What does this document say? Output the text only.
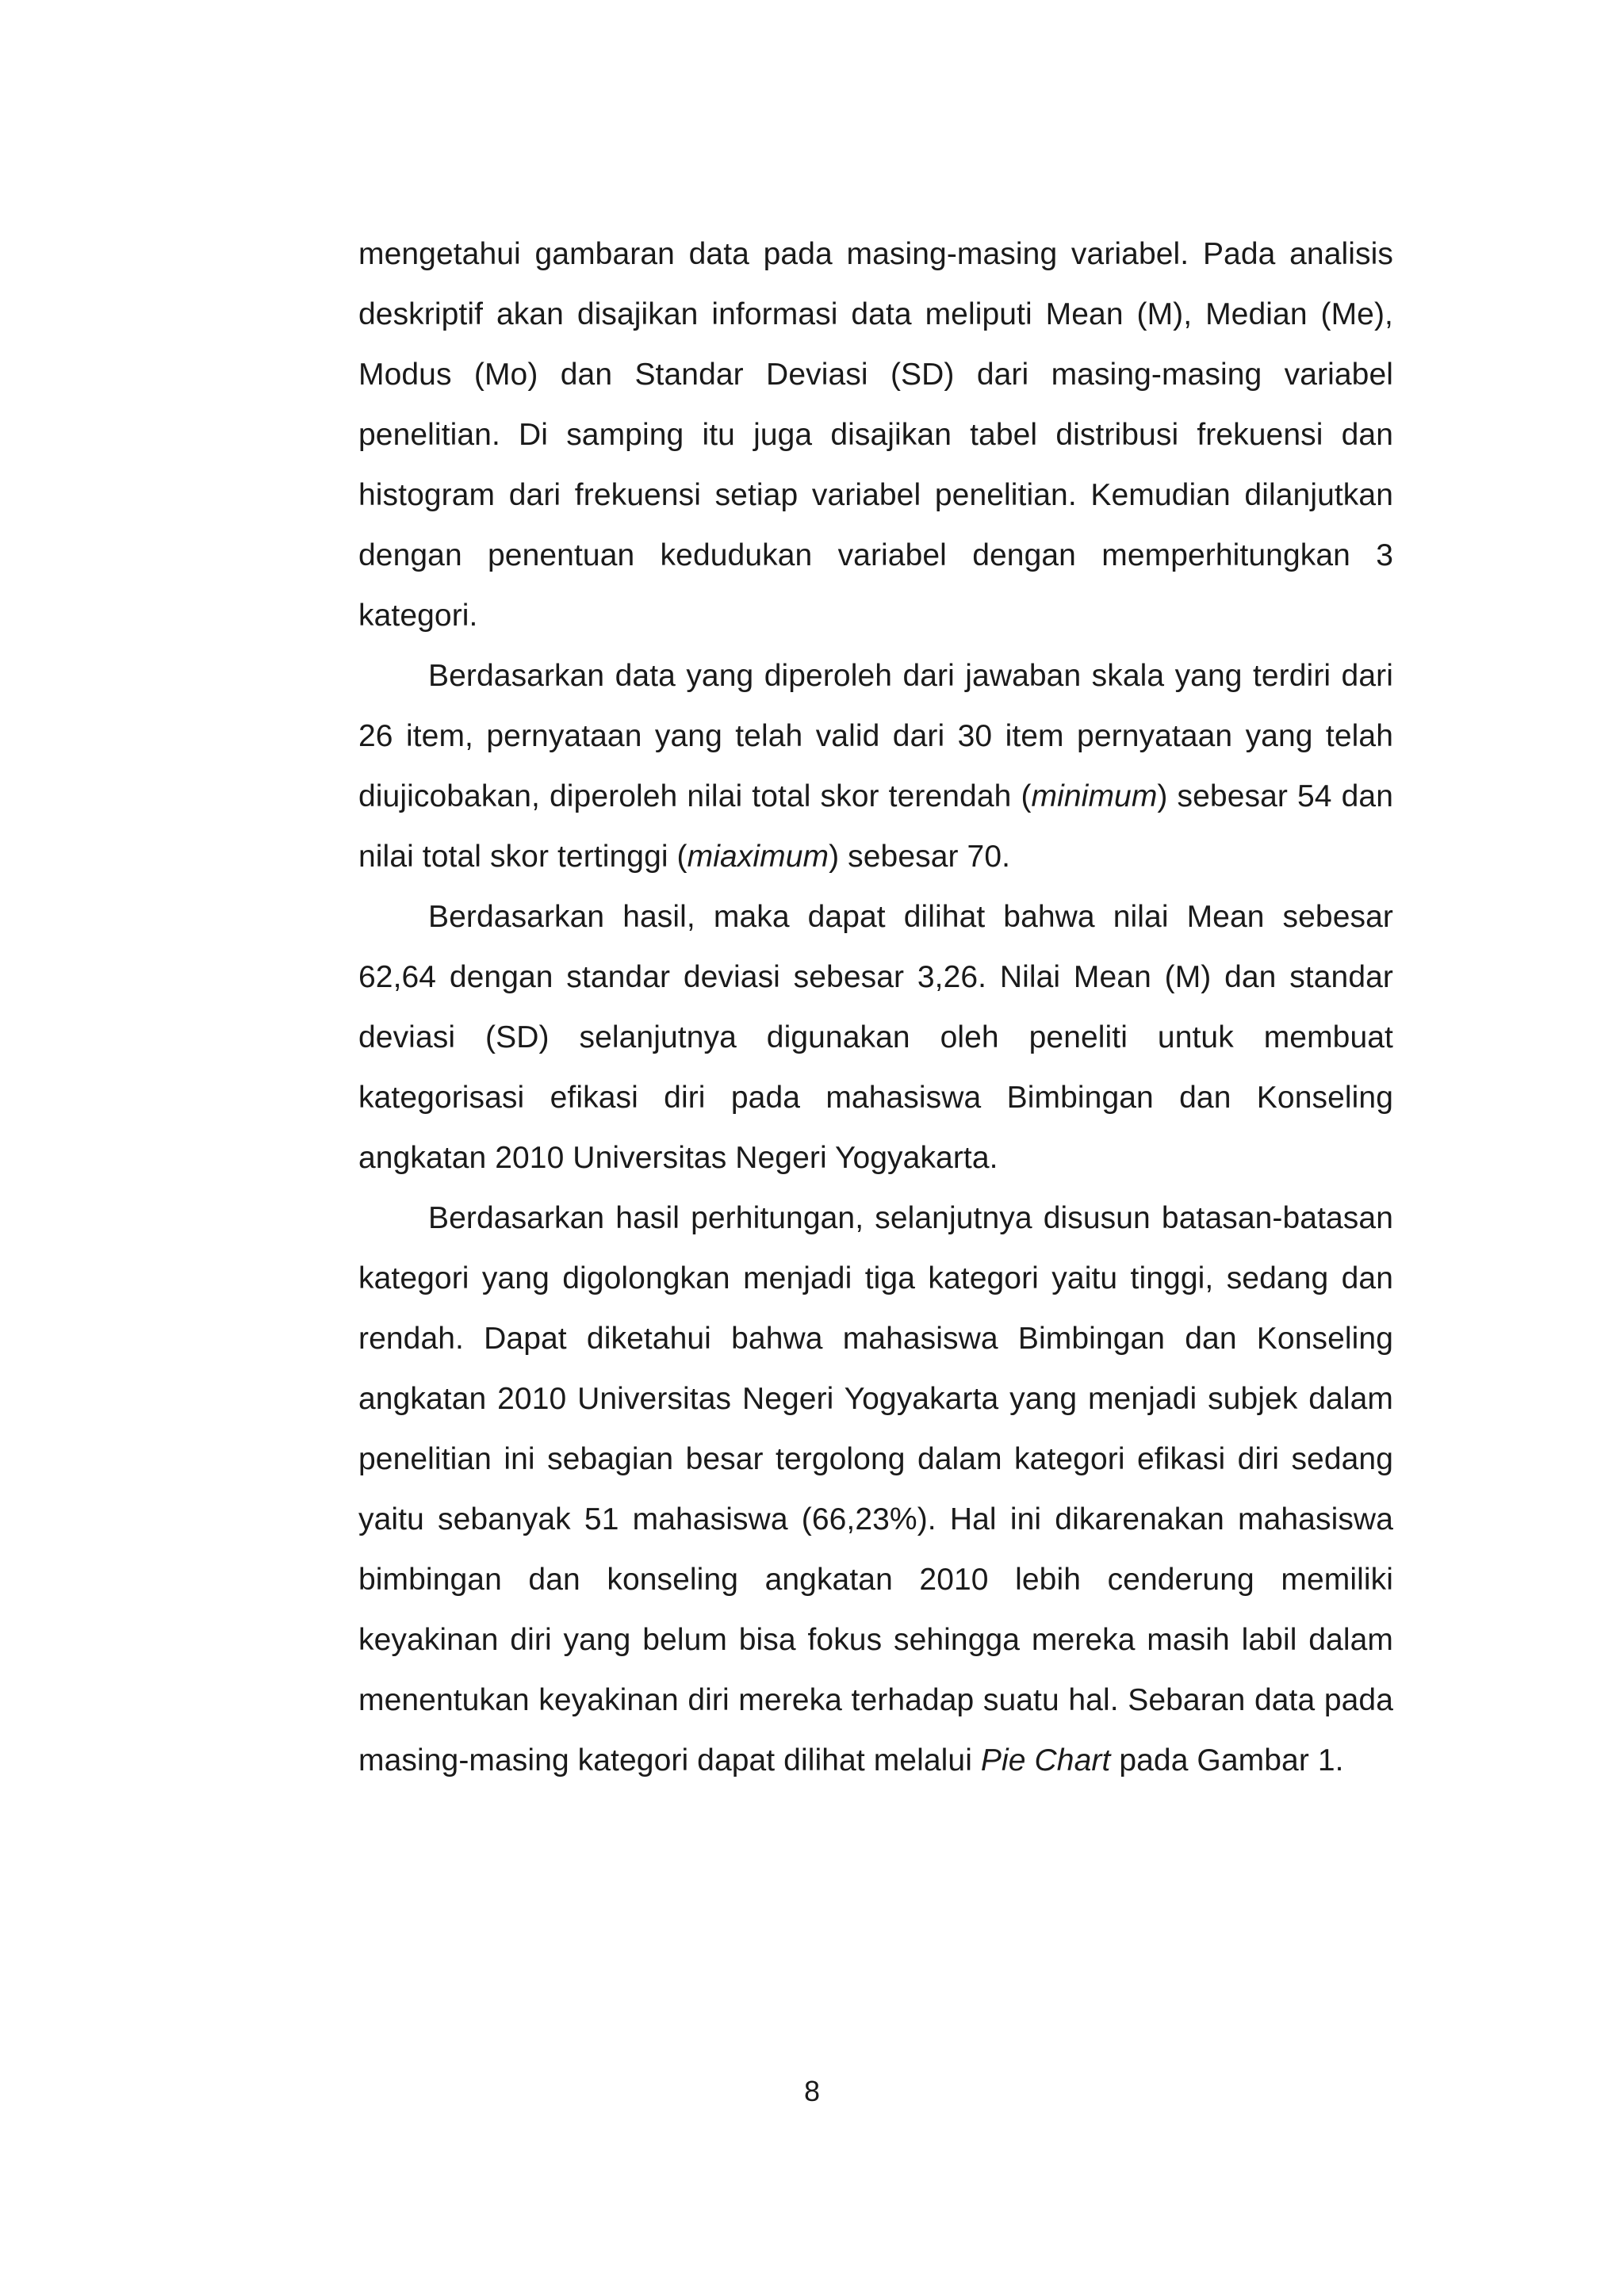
mengetahui gambaran data pada masing-masing variabel. Pada analisis deskriptif akan disajikan informasi data meliputi Mean (M), Median (Me), Modus (Mo) dan Standar Deviasi (SD) dari masing-masing variabel penelitian. Di samping itu juga disajikan tabel distribusi frekuensi dan histogram dari frekuensi setiap variabel penelitian. Kemudian dilanjutkan dengan penentuan kedudukan variabel dengan memperhitungkan 3 kategori.

Berdasarkan data yang diperoleh dari jawaban skala yang terdiri dari 26 item, pernyataan yang telah valid dari 30 item pernyataan yang telah diujicobakan, diperoleh nilai total skor terendah (minimum) sebesar 54 dan nilai total skor tertinggi (miaximum) sebesar 70.

Berdasarkan hasil, maka dapat dilihat bahwa nilai Mean sebesar 62,64 dengan standar deviasi sebesar 3,26. Nilai Mean (M) dan standar deviasi (SD) selanjutnya digunakan oleh peneliti untuk membuat kategorisasi efikasi diri pada mahasiswa Bimbingan dan Konseling angkatan 2010 Universitas Negeri Yogyakarta.

Berdasarkan hasil perhitungan, selanjutnya disusun batasan-batasan kategori yang digolongkan menjadi tiga kategori yaitu tinggi, sedang dan rendah. Dapat diketahui bahwa mahasiswa Bimbingan dan Konseling angkatan 2010 Universitas Negeri Yogyakarta yang menjadi subjek dalam penelitian ini sebagian besar tergolong dalam kategori efikasi diri sedang yaitu sebanyak 51 mahasiswa (66,23%). Hal ini dikarenakan mahasiswa bimbingan dan konseling angkatan 2010 lebih cenderung memiliki keyakinan diri yang belum bisa fokus sehingga mereka masih labil dalam menentukan keyakinan diri mereka terhadap suatu hal. Sebaran data pada masing-masing kategori dapat dilihat melalui Pie Chart pada Gambar 1.

8
